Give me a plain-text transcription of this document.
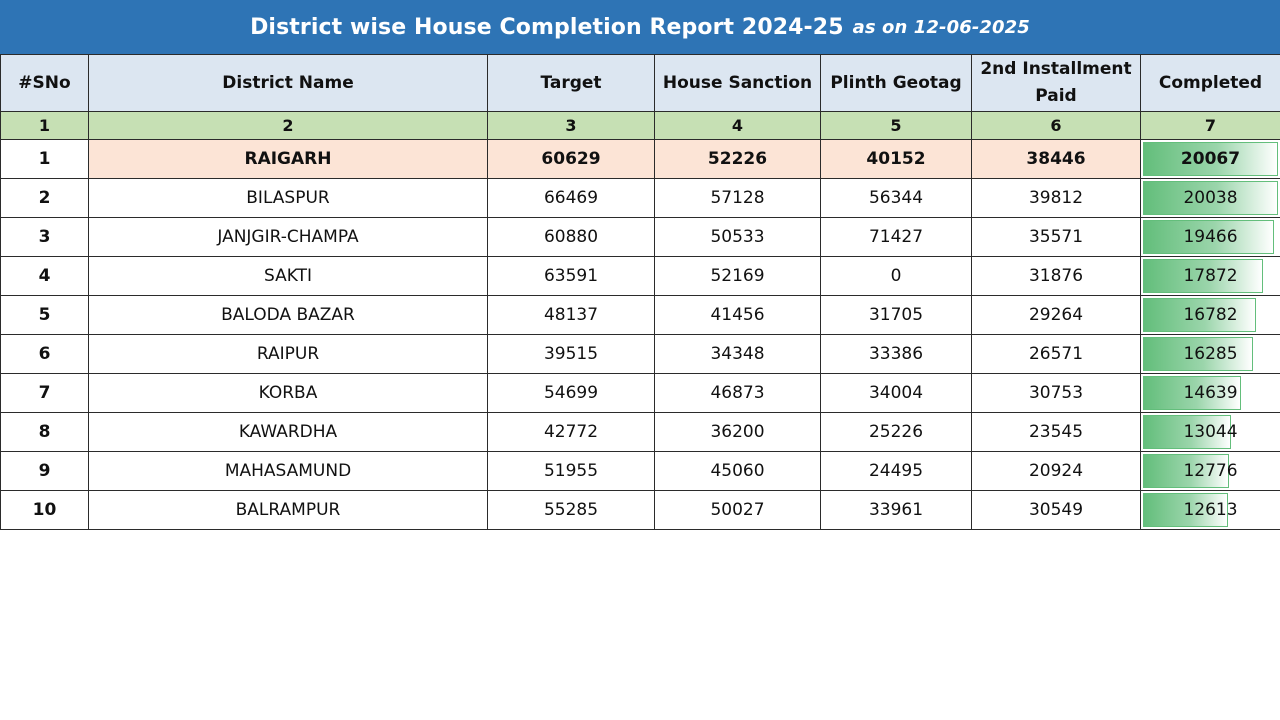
District wise House Completion Report 2024-25 as on 12-06-2025
#SNo	District Name	Target	House Sanction	Plinth Geotag	2nd Installment Paid	Completed
1	2	3	4	5	6	7
1	RAIGARH	60629	52226	40152	38446	20067
2	BILASPUR	66469	57128	56344	39812	20038
3	JANJGIR-CHAMPA	60880	50533	71427	35571	19466
4	SAKTI	63591	52169	0	31876	17872
5	BALODA BAZAR	48137	41456	31705	29264	16782
6	RAIPUR	39515	34348	33386	26571	16285
7	KORBA	54699	46873	34004	30753	14639
8	KAWARDHA	42772	36200	25226	23545	13044
9	MAHASAMUND	51955	45060	24495	20924	12776
10	BALRAMPUR	55285	50027	33961	30549	12613
